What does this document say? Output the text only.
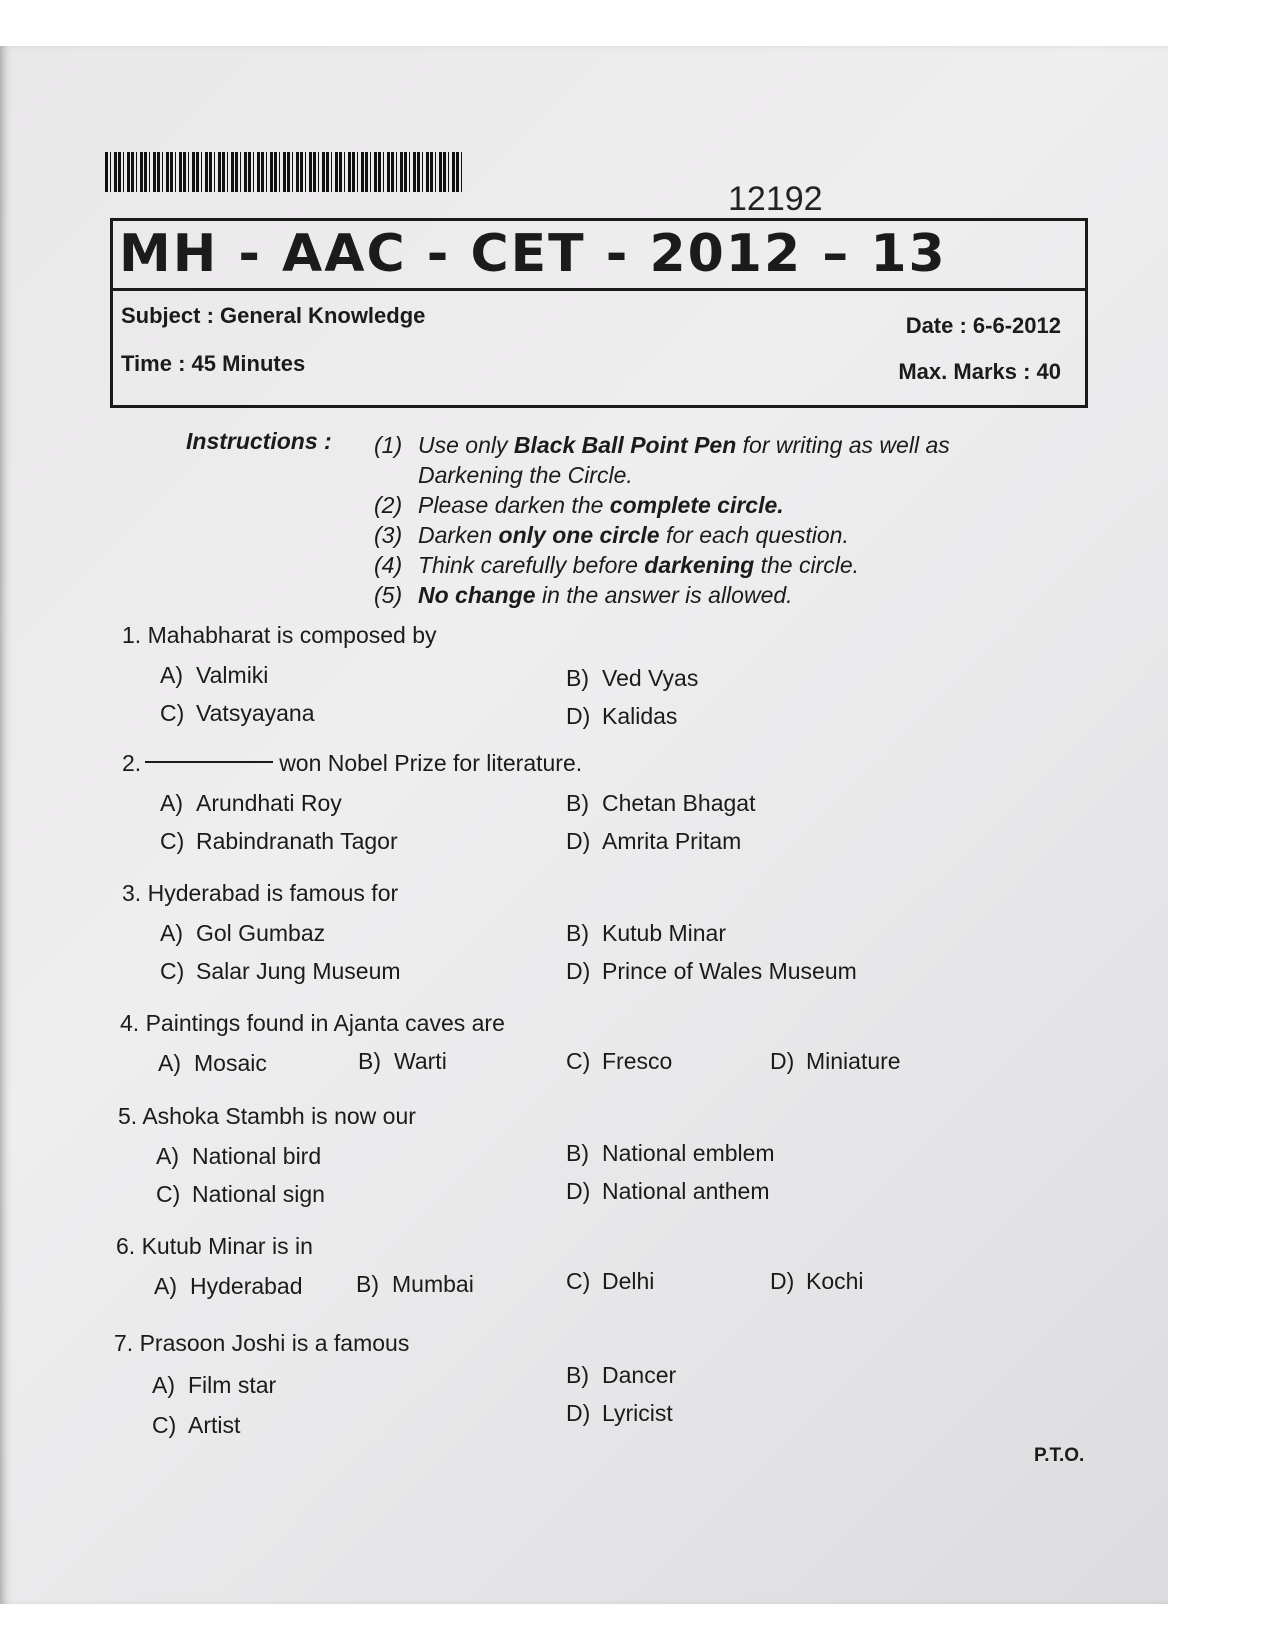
12192
MH - AAC - CET - 2012 – 13
Subject : General Knowledge	Date : 6-6-2012
Time : 45 Minutes	Max. Marks : 40
Instructions : (1) Use only Black Ball Point Pen for writing as well as Darkening the Circle.
(2) Please darken the complete circle.
(3) Darken only one circle for each question.
(4) Think carefully before darkening the circle.
(5) No change in the answer is allowed.
1. Mahabharat is composed by
A) Valmiki	B) Ved Vyas
C) Vatsyayana	D) Kalidas
2.	won Nobel Prize for literature.
A) Arundhati Roy	B) Chetan Bhagat
C) Rabindranath Tagor	D) Amrita Pritam
3. Hyderabad is famous for
A) Gol Gumbaz	B) Kutub Minar
C) Salar Jung Museum	D) Prince of Wales Museum
4. Paintings found in Ajanta caves are
A) Mosaic	B) Warti	C) Fresco	D) Miniature
5. Ashoka Stambh is now our
A) National bird	B) National emblem
C) National sign	D) National anthem
6. Kutub Minar is in
A) Hyderabad B) Mumbai	C) Delhi	D) Kochi
7. Prasoon Joshi is a famous
A) Film star	B) Dancer
C) Artist	D) Lyricist
P.T.O.
